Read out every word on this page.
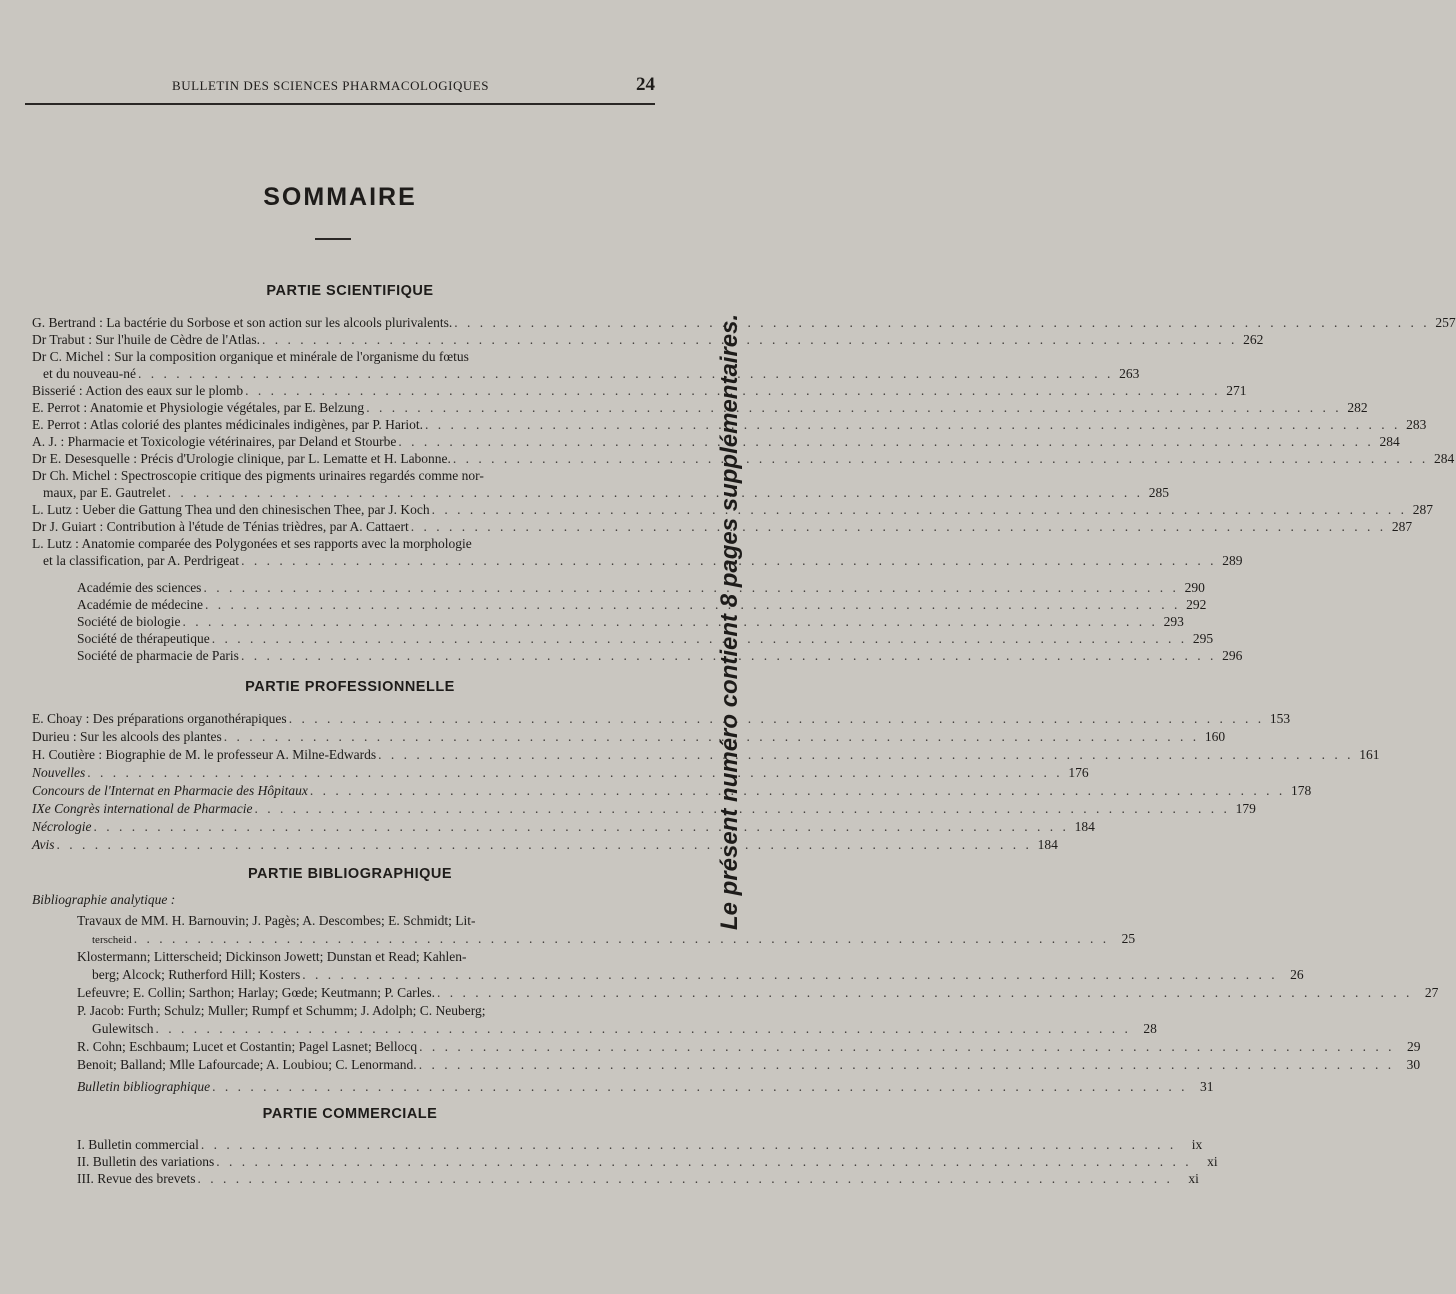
BULLETIN DES SCIENCES PHARMACOLOGIQUES	24
SOMMAIRE
PARTIE SCIENTIFIQUE
G. Bertrand : La bactérie du Sorbose et son action sur les alcools plurivalents. . . .	257
Dr Trabut : Sur l'huile de Cèdre de l'Atlas. . . .	262
Dr C. Michel : Sur la composition organique et minérale de l'organisme du fœtus
et du nouveau-né . . .	263
Bisserié : Action des eaux sur le plomb . . .	271
E. Perrot : Anatomie et Physiologie végétales, par E. Belzung . . .	282
E. Perrot : Atlas colorié des plantes médicinales indigènes, par P. Hariot. . . .	283
A. J. : Pharmacie et Toxicologie vétérinaires, par Deland et Stourbe . . .	284
Dr E. Desesquelle : Précis d'Urologie clinique, par L. Lematte et H. Labonne. . . .	284
Dr Ch. Michel : Spectroscopie critique des pigments urinaires regardés comme nor-
maux, par E. Gautrelet . . .	285
L. Lutz : Ueber die Gattung Thea und den chinesischen Thee, par J. Koch . . .	287
Dr J. Guiart : Contribution à l'étude de Ténias trièdres, par A. Cattaert . . .	287
L. Lutz : Anatomie comparée des Polygonées et ses rapports avec la morphologie
et la classification, par A. Perdrigeat . . .	289
Académie des sciences . . .	290
Académie de médecine . . .	292
Société de biologie . . .	293
Société de thérapeutique . . .	295
Société de pharmacie de Paris . . .	296
PARTIE PROFESSIONNELLE
E. Choay : Des préparations organothérapiques . . .	153
Durieu : Sur les alcools des plantes . . .	160
H. Coutière : Biographie de M. le professeur A. Milne-Edwards . . .	161
Nouvelles . . .	176
Concours de l'Internat en Pharmacie des Hôpitaux . . .	178
IXe Congrès international de Pharmacie . . .	179
Nécrologie . . .	184
Avis . . .	184
PARTIE BIBLIOGRAPHIQUE
Bibliographie analytique :
Travaux de MM. H. Barnouvin; J. Pagès; A. Descombes; E. Schmidt; Lit-
terscheid . . .	25
Klostermann; Litterscheid; Dickinson Jowett; Dunstan et Read; Kahlen-
berg; Alcock; Rutherford Hill; Kosters . . .	26
Lefeuvre; E. Collin; Sarthon; Harlay; Gœde; Keutmann; P. Carles. . . .	27
P. Jacob: Furth; Schulz; Muller; Rumpf et Schumm; J. Adolph; C. Neuberg;
Gulewitsch . . .	28
R. Cohn; Eschbaum; Lucet et Costantin; Pagel Lasnet; Bellocq . . .	29
Benoit; Balland; Mlle Lafourcade; A. Loubiou; C. Lenormand. . . .	30
Bulletin bibliographique . . .	31
PARTIE COMMERCIALE
I. Bulletin commercial . . .	ix
II. Bulletin des variations . . .	xi
III. Revue des brevets . . .	xi
Le présent numéro contient 8 pages supplémentaires.
